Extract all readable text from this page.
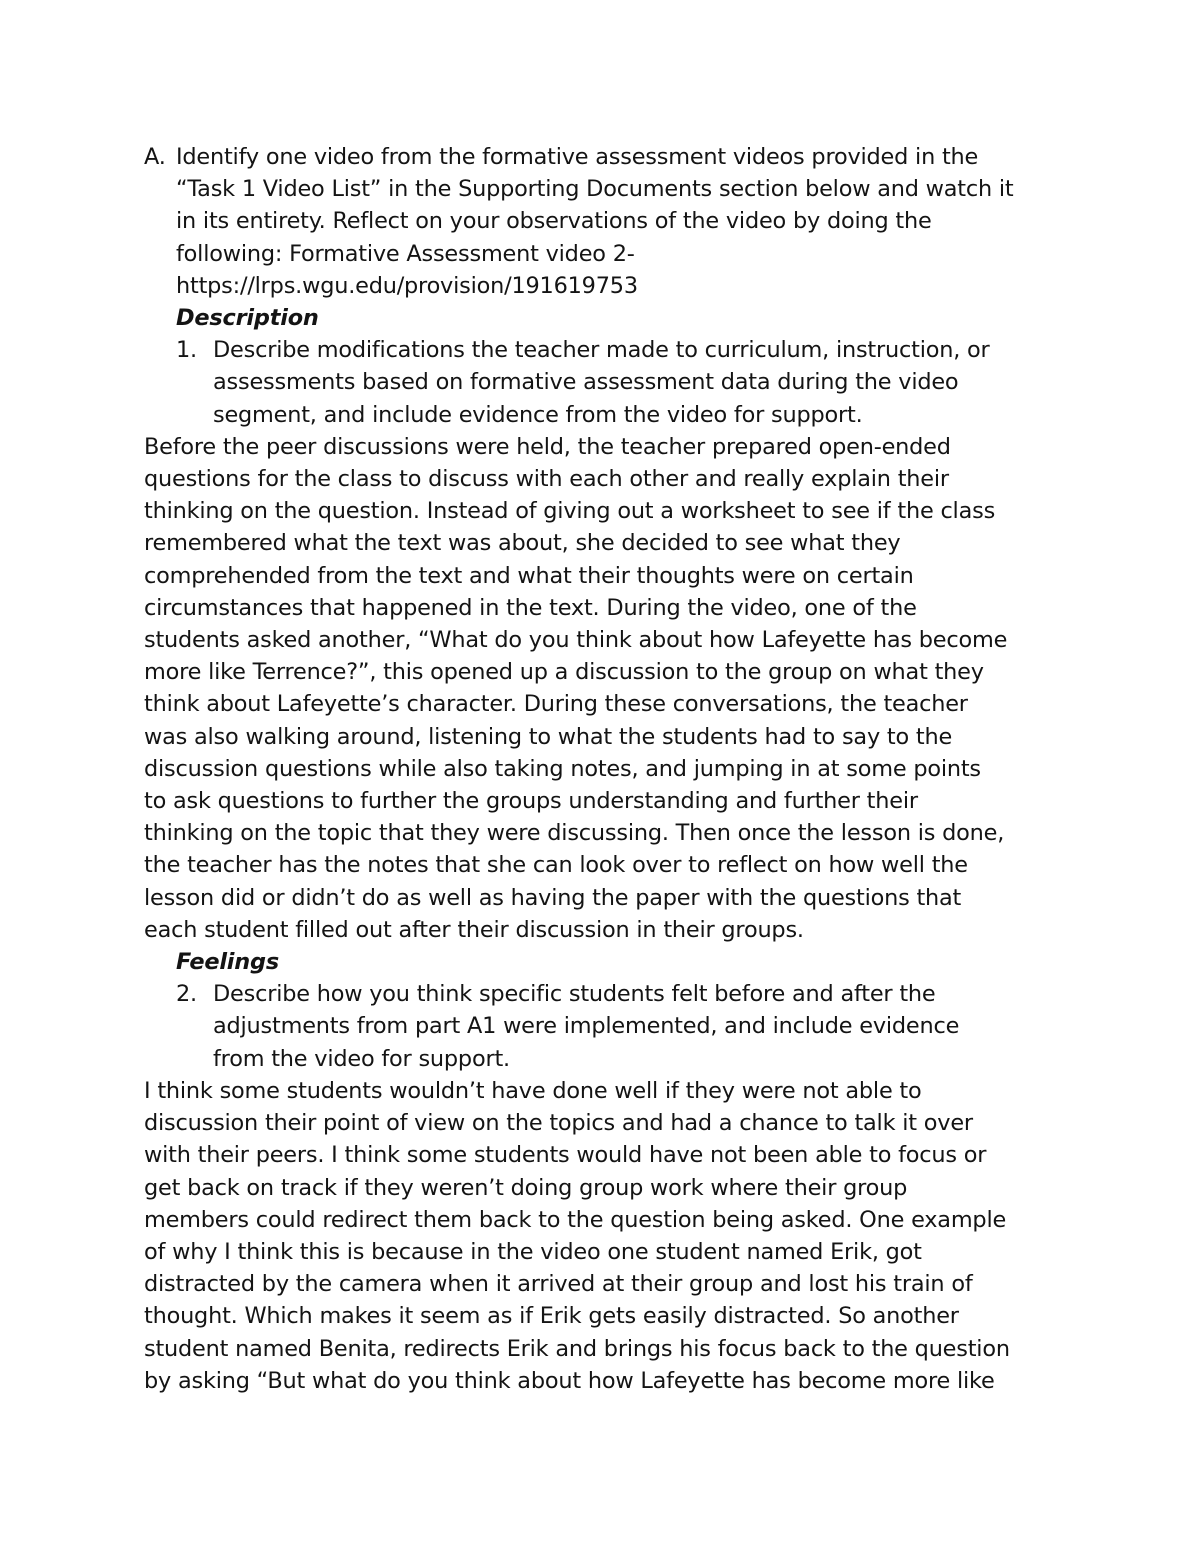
A. Identify one video from the formative assessment videos provided in the
“Task 1 Video List” in the Supporting Documents section below and watch it
in its entirety. Reflect on your observations of the video by doing the
following: Formative Assessment video 2-
https://lrps.wgu.edu/provision/191619753
Description
1. Describe modifications the teacher made to curriculum, instruction, or
assessments based on formative assessment data during the video
segment, and include evidence from the video for support.
Before the peer discussions were held, the teacher prepared open-ended
questions for the class to discuss with each other and really explain their
thinking on the question. Instead of giving out a worksheet to see if the class
remembered what the text was about, she decided to see what they
comprehended from the text and what their thoughts were on certain
circumstances that happened in the text. During the video, one of the
students asked another, “What do you think about how Lafeyette has become
more like Terrence?”, this opened up a discussion to the group on what they
think about Lafeyette’s character. During these conversations, the teacher
was also walking around, listening to what the students had to say to the
discussion questions while also taking notes, and jumping in at some points
to ask questions to further the groups understanding and further their
thinking on the topic that they were discussing. Then once the lesson is done,
the teacher has the notes that she can look over to reflect on how well the
lesson did or didn’t do as well as having the paper with the questions that
each student filled out after their discussion in their groups.
Feelings
2. Describe how you think specific students felt before and after the
adjustments from part A1 were implemented, and include evidence
from the video for support.
I think some students wouldn’t have done well if they were not able to
discussion their point of view on the topics and had a chance to talk it over
with their peers. I think some students would have not been able to focus or
get back on track if they weren’t doing group work where their group
members could redirect them back to the question being asked. One example
of why I think this is because in the video one student named Erik, got
distracted by the camera when it arrived at their group and lost his train of
thought. Which makes it seem as if Erik gets easily distracted. So another
student named Benita, redirects Erik and brings his focus back to the question
by asking “But what do you think about how Lafeyette has become more like
